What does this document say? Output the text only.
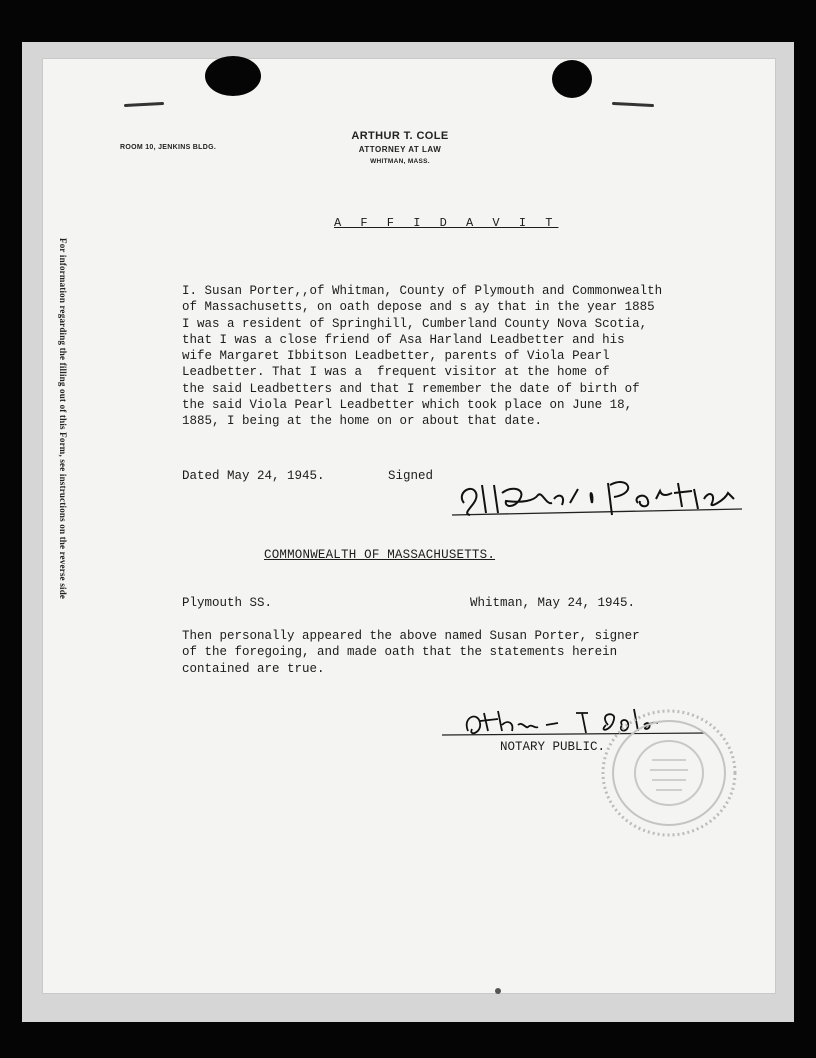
For information regarding the filling out of this Form, see instructions on the reverse side
ROOM 10, JENKINS BLDG.
ARTHUR T. COLE
ATTORNEY AT LAW
WHITMAN, MASS.
A F F I D A V I T
I. Susan Porter,,of Whitman, County of Plymouth and Commonwealth
of Massachusetts, on oath depose and s ay that in the year 1885
I was a resident of Springhill, Cumberland County Nova Scotia,
that I was a close friend of Asa Harland Leadbetter and his
wife Margaret Ibbitson Leadbetter, parents of Viola Pearl
Leadbetter. That I was a  frequent visitor at the home of
the said Leadbetters and that I remember the date of birth of
the said Viola Pearl Leadbetter which took place on June 18,
1885, I being at the home on or about that date.
Dated May 24, 1945.	Signed
COMMONWEALTH OF MASSACHUSETTS.
Plymouth SS.	Whitman, May 24, 1945.
Then personally appeared the above named Susan Porter, signer
of the foregoing, and made oath that the statements herein
contained are true.
NOTARY PUBLIC.
